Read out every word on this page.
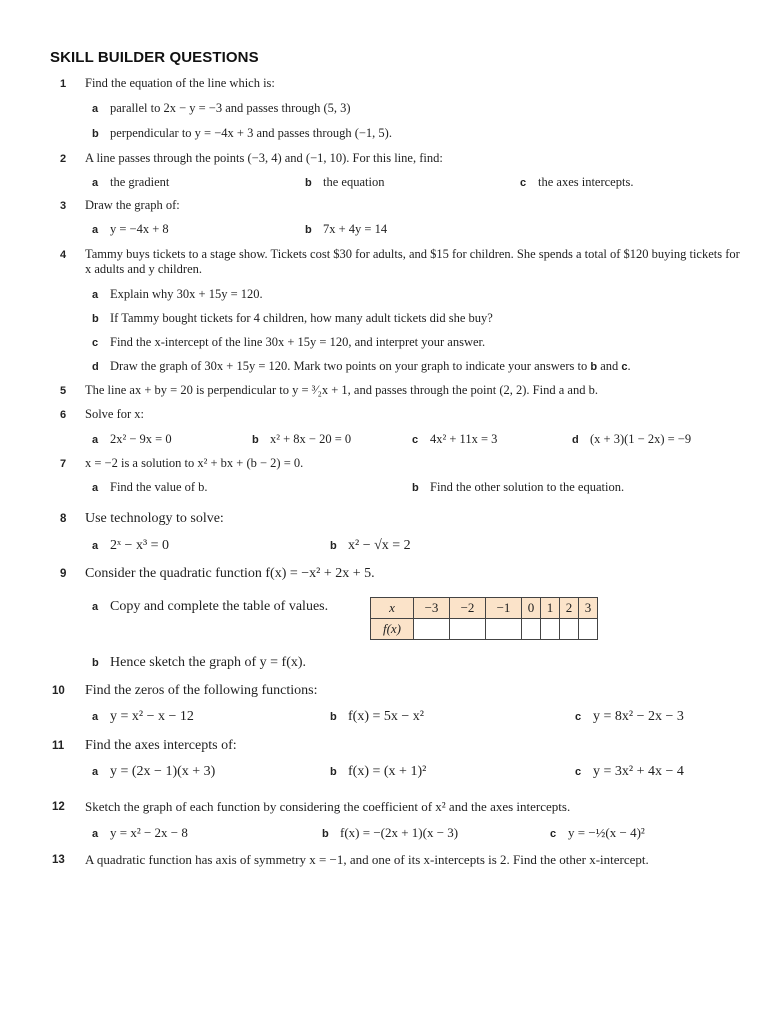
SKILL BUILDER QUESTIONS
1	Find the equation of the line which is:
a parallel to 2x − y = −3 and passes through (5, 3)
b perpendicular to y = −4x + 3 and passes through (−1, 5).
2	A line passes through the points (−3, 4) and (−1, 10). For this line, find:
a the gradient	b the equation	c the axes intercepts.
3	Draw the graph of:
a y = −4x + 8	b 7x + 4y = 14
4	Tammy buys tickets to a stage show. Tickets cost $30 for adults, and $15 for children. She spends a total of $120 buying tickets for x adults and y children.
a Explain why 30x + 15y = 120.
b If Tammy bought tickets for 4 children, how many adult tickets did she buy?
c Find the x-intercept of the line 30x + 15y = 120, and interpret your answer.
d Draw the graph of 30x + 15y = 120. Mark two points on your graph to indicate your answers to b and c.
5	The line ax + by = 20 is perpendicular to y = ³⁄₂x + 1, and passes through the point (2, 2). Find a and b.
6	Solve for x:
a 2x² − 9x = 0	b x² + 8x − 20 = 0	c 4x² + 11x = 3	d (x + 3)(1 − 2x) = −9
7	x = −2 is a solution to x² + bx + (b − 2) = 0.
a Find the value of b.	b Find the other solution to the equation.
8	Use technology to solve:
a 2ˣ − x³ = 0	b x² − √x = 2
9	Consider the quadratic function f(x) = −x² + 2x + 5.
a Copy and complete the table of values.	x	−3	−2	−1	0	1	2	3
f(x)							
b Hence sketch the graph of y = f(x).
10	Find the zeros of the following functions:
a y = x² − x − 12	b f(x) = 5x − x²	c y = 8x² − 2x − 3
11	Find the axes intercepts of:
a y = (2x − 1)(x + 3)	b f(x) = (x + 1)²	c y = 3x² + 4x − 4
12	Sketch the graph of each function by considering the coefficient of x² and the axes intercepts.
a y = x² − 2x − 8	b f(x) = −(2x + 1)(x − 3)	c y = −½(x − 4)²
13	A quadratic function has axis of symmetry x = −1, and one of its x-intercepts is 2. Find the other x-intercept.
